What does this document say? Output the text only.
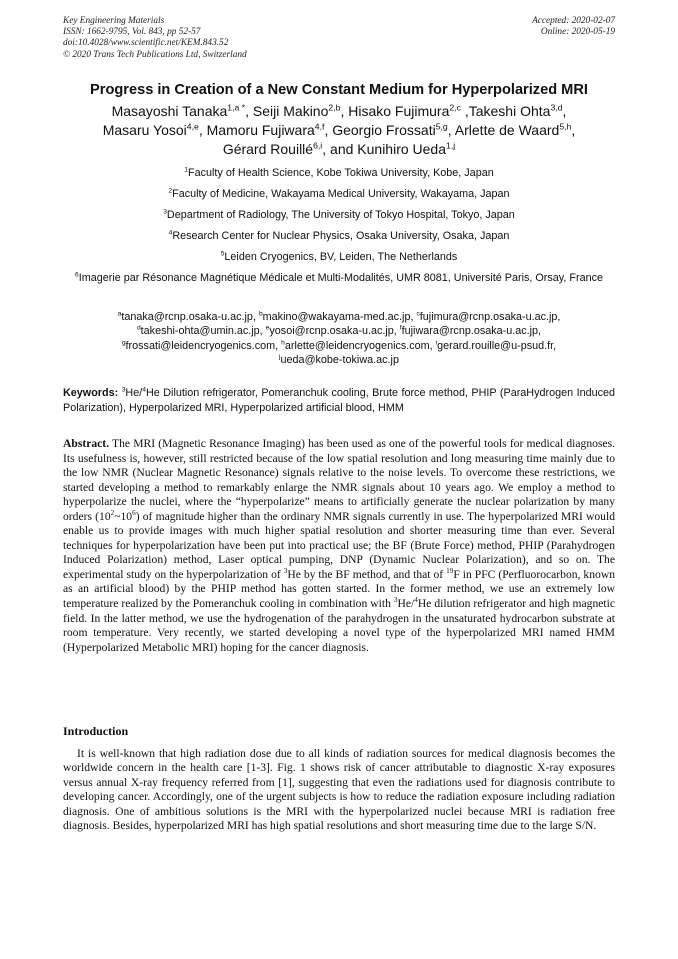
Key Engineering Materials
ISSN: 1662-9795, Vol. 843, pp 52-57
doi:10.4028/www.scientific.net/KEM.843.52
© 2020 Trans Tech Publications Ltd, Switzerland
Accepted: 2020-02-07
Online: 2020-05-19
Progress in Creation of a New Constant Medium for Hyperpolarized MRI
Masayoshi Tanaka$^{1,a *}$, Seiji Makino$^{2,b}$, Hisako Fujimura$^{2,c}$ ,Takeshi Ohta$^{3,d}$,
Masaru Yosoi$^{4,e}$, Mamoru Fujiwara$^{4,f}$, Georgio Frossati$^{5,g}$, Arlette de Waard$^{5,h}$,
Gérard Rouillé$^{6,i}$, and Kunihiro Ueda$^{1,j}$
$^1$Faculty of Health Science, Kobe Tokiwa University, Kobe, Japan
$^2$Faculty of Medicine, Wakayama Medical University, Wakayama, Japan
$^3$Department of Radiology, The University of Tokyo Hospital, Tokyo, Japan
$^4$Research Center for Nuclear Physics, Osaka University, Osaka, Japan
$^5$Leiden Cryogenics, BV, Leiden, The Netherlands
$^6$Imagerie par Résonance Magnétique Médicale et Multi-Modalités, UMR 8081, Université Paris, Orsay, France
$^a$tanaka@rcnp.osaka-u.ac.jp, $^b$makino@wakayama-med.ac.jp, $^c$fujimura@rcnp.osaka-u.ac.jp,
$^d$takeshi-ohta@umin.ac.jp, $^e$yosoi@rcnp.osaka-u.ac.jp, $^f$fujiwara@rcnp.osaka-u.ac.jp,
$^g$frossati@leidencryogenics.com, $^h$arlette@leidencryogenics.com, $^i$gerard.rouille@u-psud.fr,
$^j$ueda@kobe-tokiwa.ac.jp
Keywords: $^3$He/$^4$He Dilution refrigerator, Pomeranchuk cooling, Brute force method, PHIP (ParaHydrogen Induced Polarization), Hyperpolarized MRI, Hyperpolarized artificial blood, HMM
Abstract. The MRI (Magnetic Resonance Imaging) has been used as one of the powerful tools for medical diagnoses. Its usefulness is, however, still restricted because of the low spatial resolution and long measuring time mainly due to the low NMR (Nuclear Magnetic Resonance) signals relative to the noise levels. To overcome these restrictions, we started developing a method to remarkably enlarge the NMR signals about 10 years ago. We employ a method to hyperpolarize the nuclei, where the “hyperpolarize” means to artificially generate the nuclear polarization by many orders $(10^2\sim 10^6)$ of magnitude higher than the ordinary NMR signals currently in use. The hyperpolarized MRI would enable us to provide images with much higher spatial resolution and shorter measuring time than ever. Several techniques for hyperpolarization have been put into practical use; the BF (Brute Force) method, PHIP (Parahydrogen Induced Polarization) method, Laser optical pumping, DNP (Dynamic Nuclear Polarization), and so on. The experimental study on the hyperpolarization of $^3$He by the BF method, and that of $^{19}$F in PFC (Perfluorocarbon, known as an artificial blood) by the PHIP method has gotten started. In the former method, we use an extremely low temperature realized by the Pomeranchuk cooling in combination with $^3$He/$^4$He dilution refrigerator and high magnetic field. In the latter method, we use the hydrogenation of the parahydrogen in the unsaturated hydrocarbon substrate at room temperature. Very recently, we started developing a novel type of the hyperpolarized MRI named HMM (Hyperpolarized Metabolic MRI) hoping for the cancer diagnosis.
Introduction

It is well-known that high radiation dose due to all kinds of radiation sources for medical diagnosis becomes the worldwide concern in the health care [1-3]. Fig. 1 shows risk of cancer attributable to diagnostic X-ray exposures versus annual X-ray frequency referred from [1], suggesting that even the radiations used for diagnosis contribute to developing cancer. Accordingly, one of the urgent subjects is how to reduce the radiation exposure including radiation diagnosis. One of ambitious solutions is the MRI with the hyperpolarized nuclei because MRI is radiation free diagnosis. Besides, hyperpolarized MRI has high spatial resolutions and short measuring time due to the large S/N.
